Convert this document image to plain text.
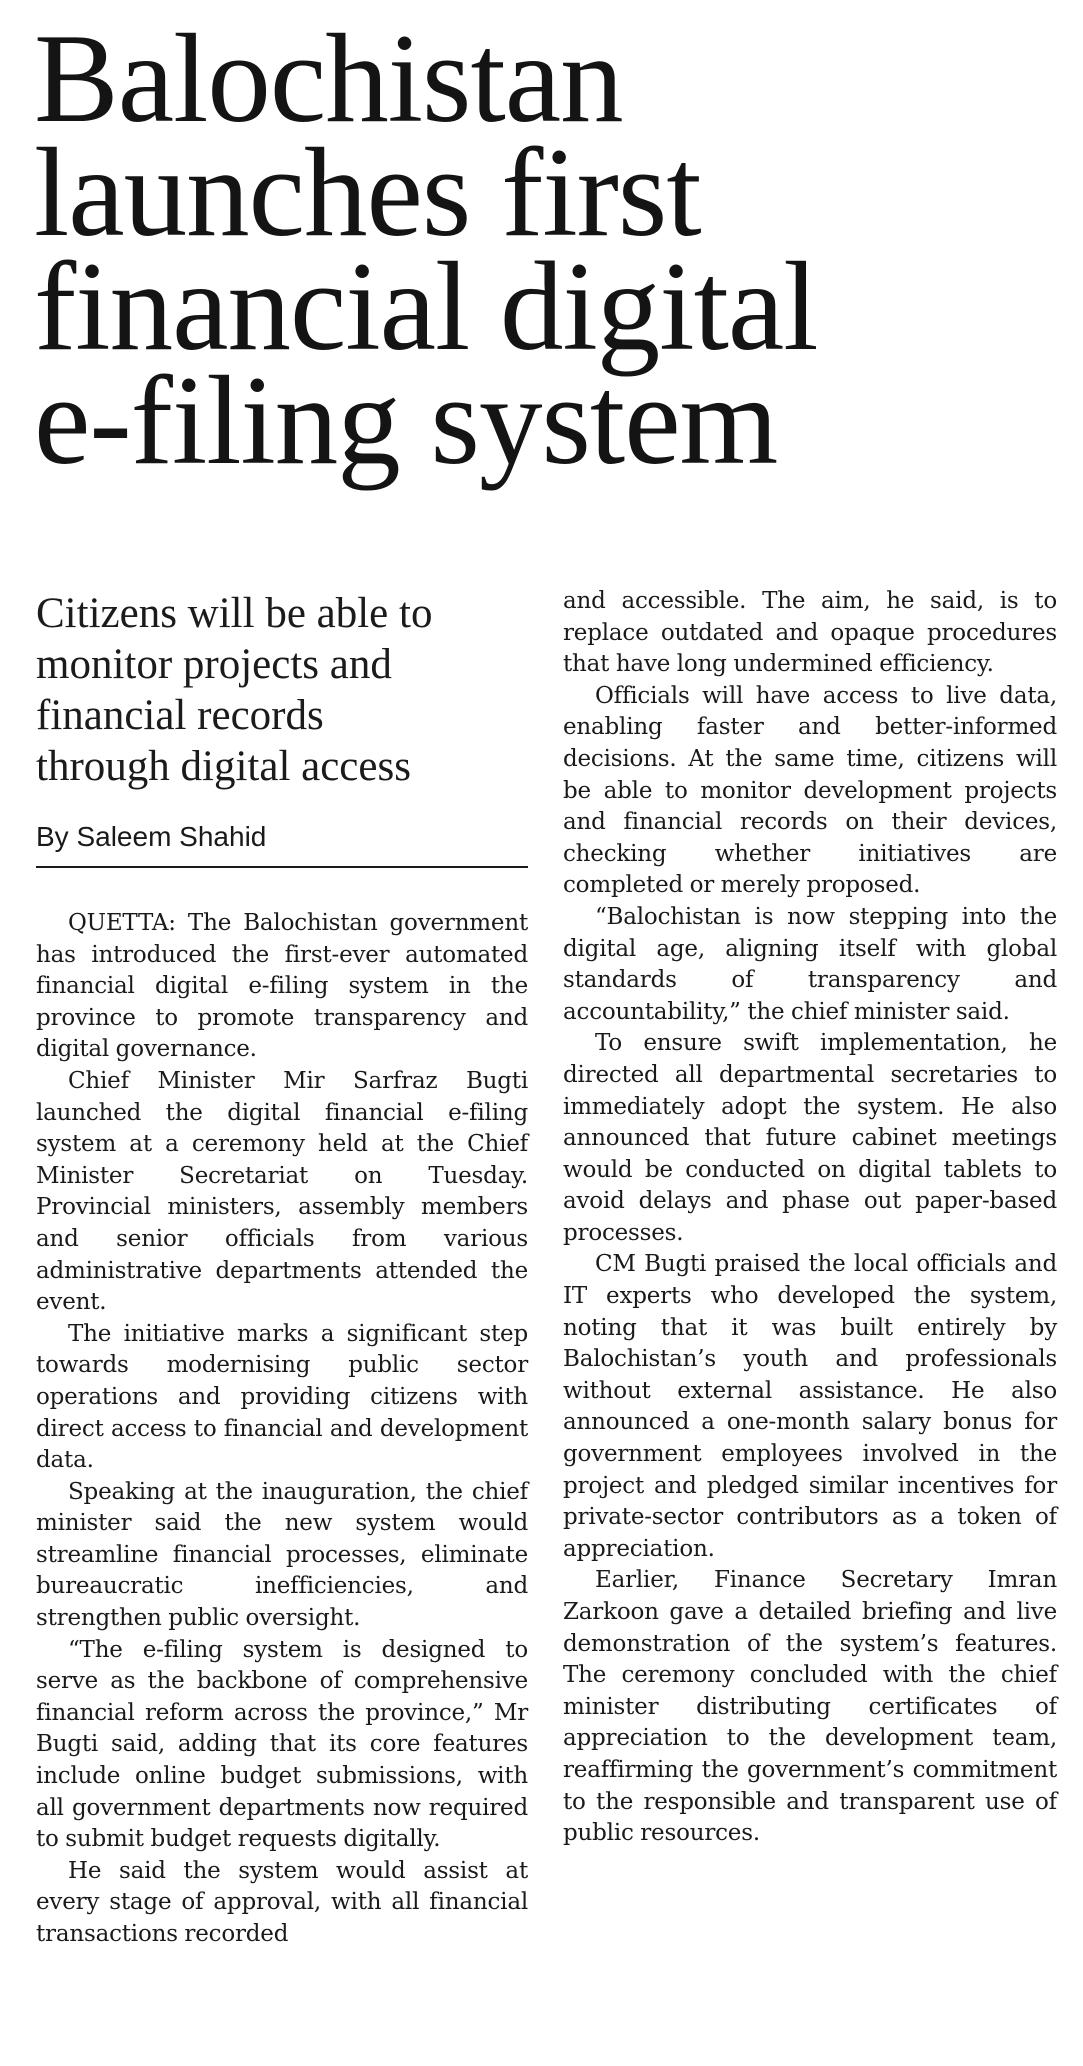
Balochistan
launches first
financial digital
e-filing system
Citizens will be able to
monitor projects and
financial records
through digital access
By Saleem Shahid

QUETTA: The Balochistan government has introduced the first-ever automated financial digital e-filing system in the province to promote transparency and digital governance.

Chief Minister Mir Sarfraz Bugti launched the digital financial e-filing system at a ceremony held at the Chief Minister Secretariat on Tuesday. Provincial ministers, assembly members and senior officials from various administrative departments attended the event.

The initiative marks a significant step towards modernising public sector operations and providing citizens with direct access to financial and development data.

Speaking at the inauguration, the chief minister said the new system would streamline financial processes, eliminate bureaucratic inefficiencies, and strengthen public oversight.

“The e-filing system is designed to serve as the backbone of comprehensive financial reform across the province,” Mr Bugti said, adding that its core features include online budget submissions, with all government departments now required to submit budget requests digitally.

He said the system would assist at every stage of approval, with all financial transactions recorded

and accessible. The aim, he said, is to replace outdated and opaque procedures that have long undermined efficiency.

Officials will have access to live data, enabling faster and better-informed decisions. At the same time, citizens will be able to monitor development projects and financial records on their devices, checking whether initiatives are completed or merely proposed.

“Balochistan is now stepping into the digital age, aligning itself with global standards of transparency and accountability,” the chief minister said.

To ensure swift implementation, he directed all departmental secretaries to immediately adopt the system. He also announced that future cabinet meetings would be conducted on digital tablets to avoid delays and phase out paper-based processes.

CM Bugti praised the local officials and IT experts who developed the system, noting that it was built entirely by Balochistan’s youth and professionals without external assistance. He also announced a one-month salary bonus for government employees involved in the project and pledged similar incentives for private-sector contributors as a token of appreciation.

Earlier, Finance Secretary Imran Zarkoon gave a detailed briefing and live demonstration of the system’s features. The ceremony concluded with the chief minister distributing certificates of appreciation to the development team, reaffirming the government’s commitment to the responsible and transparent use of public resources.
